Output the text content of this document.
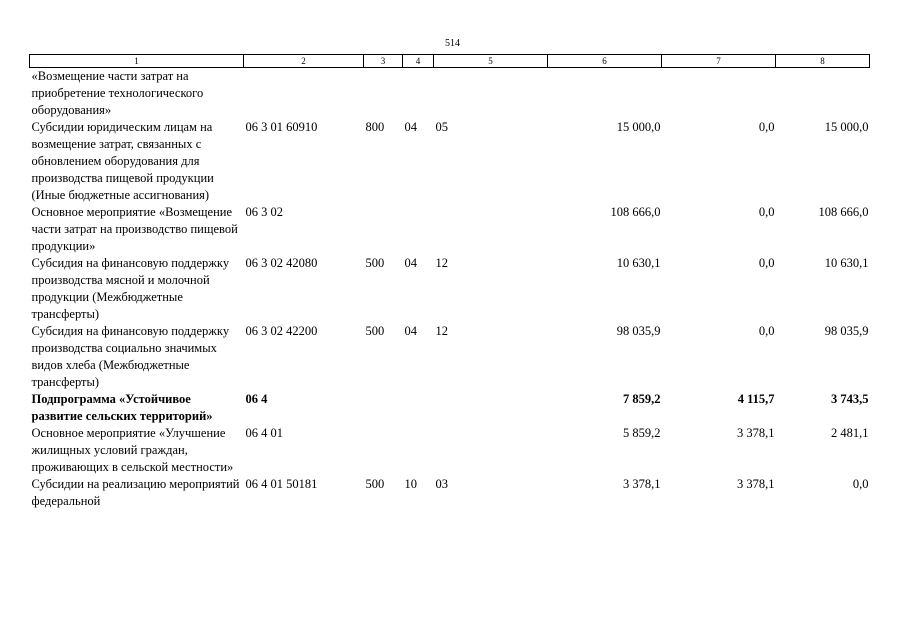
514
1	2	3	4	5	6	7	8
«Возмещение части затрат на приобретение технологического оборудования»							
Субсидии юридическим лицам на возмещение затрат, связанных с обновлением оборудования для производства пищевой продукции (Иные бюджетные ассигнования)	06 3 01 60910	800	04	05	15 000,0	0,0	15 000,0
Основное мероприятие «Возмещение части затрат на производство пищевой продукции»	06 3 02				108 666,0	0,0	108 666,0
Субсидия на финансовую поддержку производства мясной и молочной продукции (Межбюджетные трансферты)	06 3 02 42080	500	04	12	10 630,1	0,0	10 630,1
Субсидия на финансовую поддержку производства социально значимых видов хлеба (Межбюджетные трансферты)	06 3 02 42200	500	04	12	98 035,9	0,0	98 035,9
Подпрограмма «Устойчивое развитие сельских территорий»	06 4				7 859,2	4 115,7	3 743,5
Основное мероприятие «Улучшение жилищных условий граждан, проживающих в сельской местности»	06 4 01				5 859,2	3 378,1	2 481,1
Субсидии на реализацию мероприятий федеральной	06 4 01 50181	500	10	03	3 378,1	3 378,1	0,0
